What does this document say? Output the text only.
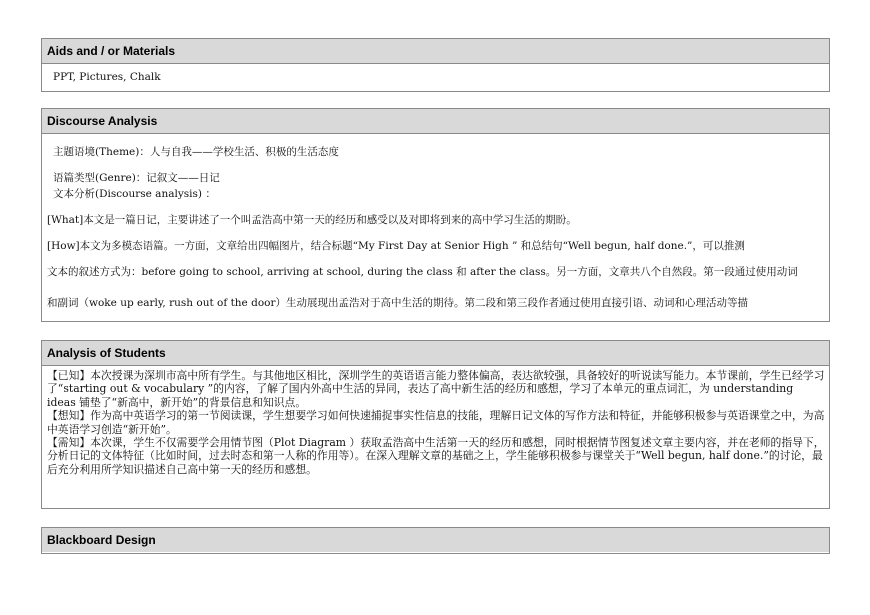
Aids and / or Materials
PPT, Pictures, Chalk
Discourse Analysis
主题语境(Theme)：人与自我——学校生活、积极的生活态度
语篇类型(Genre)：记叙文——日记
文本分析(Discourse analysis) ：
[What]本文是一篇日记，主要讲述了一个叫孟浩高中第一天的经历和感受以及对即将到来的高中学习生活的期盼。
[How]本文为多模态语篇。一方面，文章给出四幅图片，结合标题“My First Day at Senior High ” 和总结句“Well begun, half done.”，可以推测
文本的叙述方式为：before going to school, arriving at school, during the class 和 after the class。另一方面，文章共八个自然段。第一段通过使用动词
和副词（woke up early, rush out of the door）生动展现出孟浩对于高中生活的期待。第二段和第三段作者通过使用直接引语、动词和心理活动等描
Analysis of Students

【已知】本次授课为深圳市高中所有学生。与其他地区相比，深圳学生的英语语言能力整体偏高，表达欲较强，具备较好的听说读写能力。本节课前，学生已经学习了“starting out & vocabulary ”的内容，了解了国内外高中生活的异同，表达了高中新生活的经历和感想，学习了本单元的重点词汇，为 understanding ideas 铺垫了“新高中，新开始”的背景信息和知识点。

【想知】作为高中英语学习的第一节阅读课，学生想要学习如何快速捕捉事实性信息的技能，理解日记文体的写作方法和特征，并能够积极参与英语课堂之中，为高中英语学习创造“新开始”。

【需知】本次课，学生不仅需要学会用情节图（Plot Diagram ）获取孟浩高中生活第一天的经历和感想，同时根据情节图复述文章主要内容，并在老师的指导下，分析日记的文体特征（比如时间，过去时态和第一人称的作用等）。在深入理解文章的基础之上，学生能够积极参与课堂关于“Well begun, half done.”的讨论，最后充分利用所学知识描述自己高中第一天的经历和感想。

Blackboard Design
